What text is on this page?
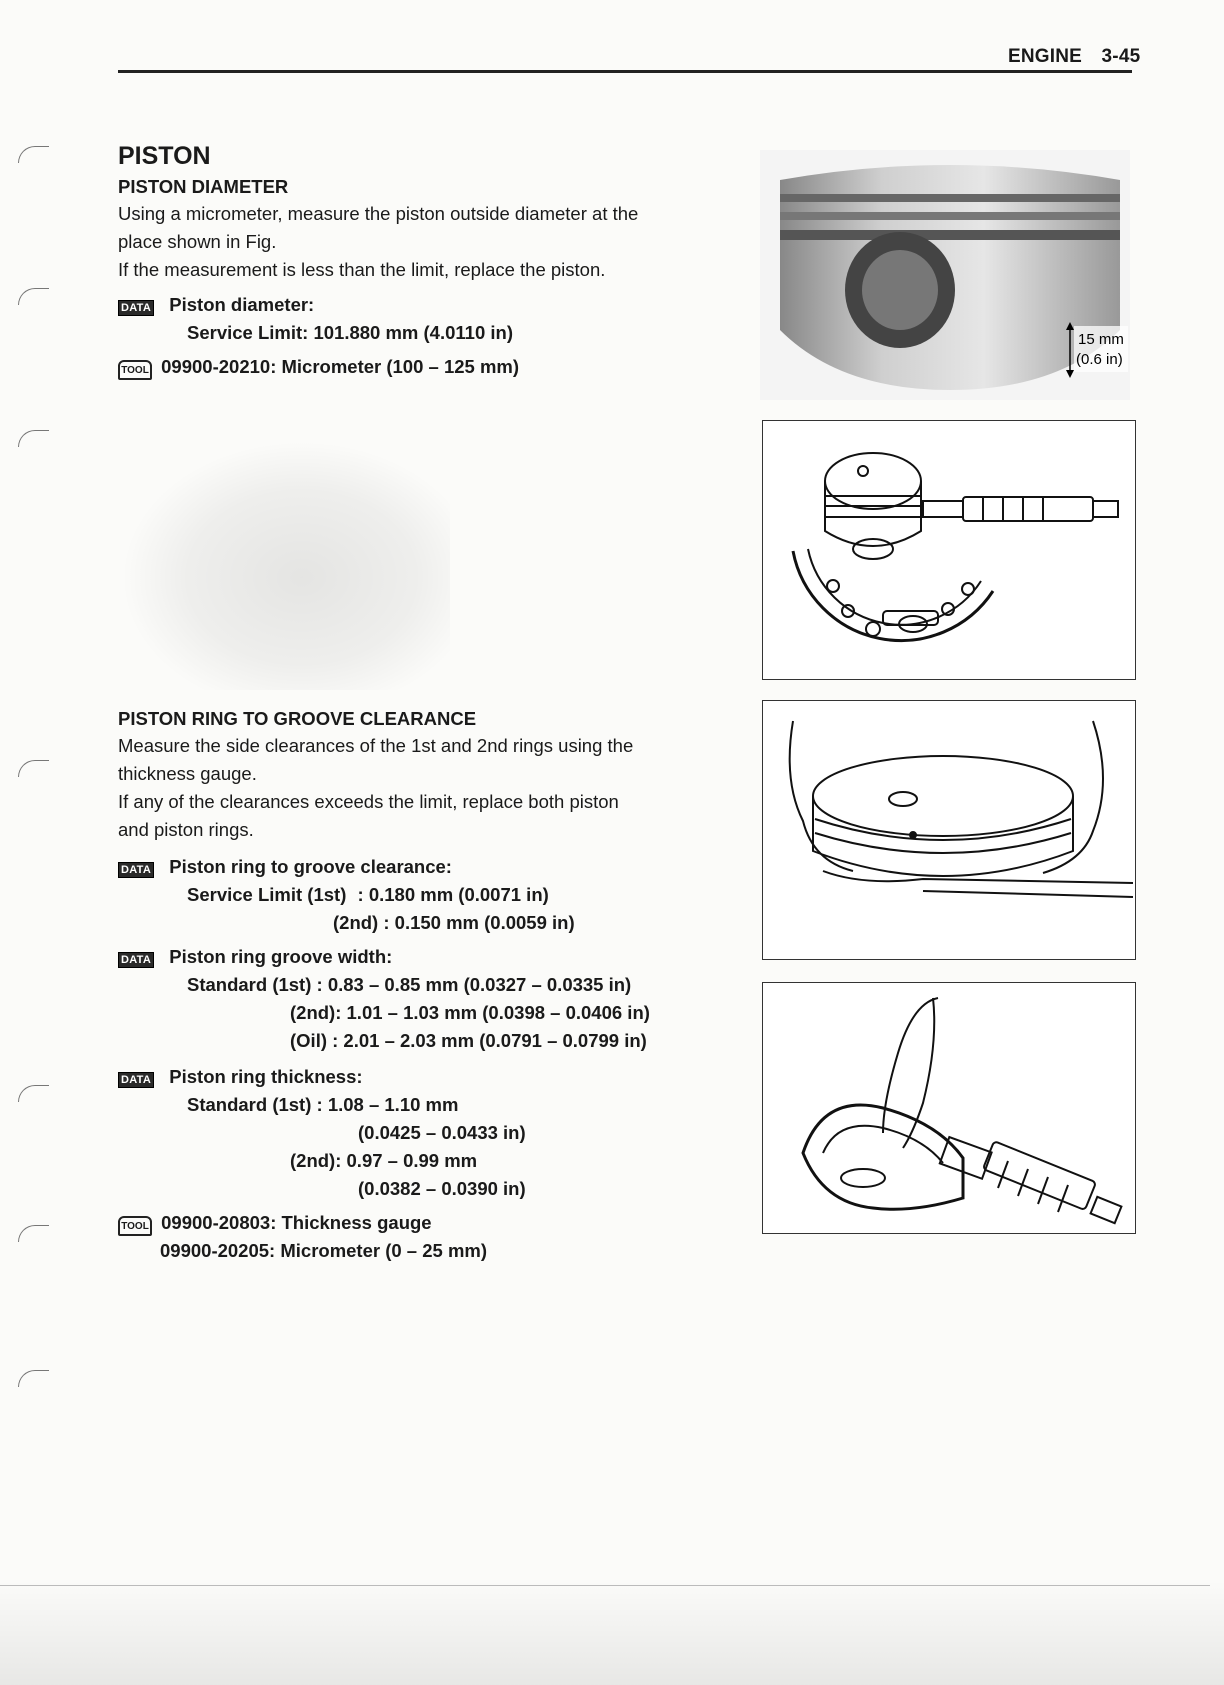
ENGINE 3-45
PISTON
PISTON DIAMETER
Using a micrometer, measure the piston outside diameter at the
place shown in Fig.
If the measurement is less than the limit, replace the piston.
DATA Piston diameter:
Service Limit: 101.880 mm (4.0110 in)
TOOL 09900-20210: Micrometer (100 – 125 mm)
PISTON RING TO GROOVE CLEARANCE
Measure the side clearances of the 1st and 2nd rings using the
thickness gauge.
If any of the clearances exceeds the limit, replace both piston
and piston rings.
DATA Piston ring to groove clearance:
Service Limit (1st) : 0.180 mm (0.0071 in)
(2nd) : 0.150 mm (0.0059 in)
DATA Piston ring groove width:
Standard (1st) : 0.83 – 0.85 mm (0.0327 – 0.0335 in)
(2nd): 1.01 – 1.03 mm (0.0398 – 0.0406 in)
(Oil) : 2.01 – 2.03 mm (0.0791 – 0.0799 in)
DATA Piston ring thickness:
Standard (1st) : 1.08 – 1.10 mm
(0.0425 – 0.0433 in)
(2nd): 0.97 – 0.99 mm
(0.0382 – 0.0390 in)
TOOL 09900-20803: Thickness gauge
09900-20205: Micrometer (0 – 25 mm)
15 mm
(0.6 in)
